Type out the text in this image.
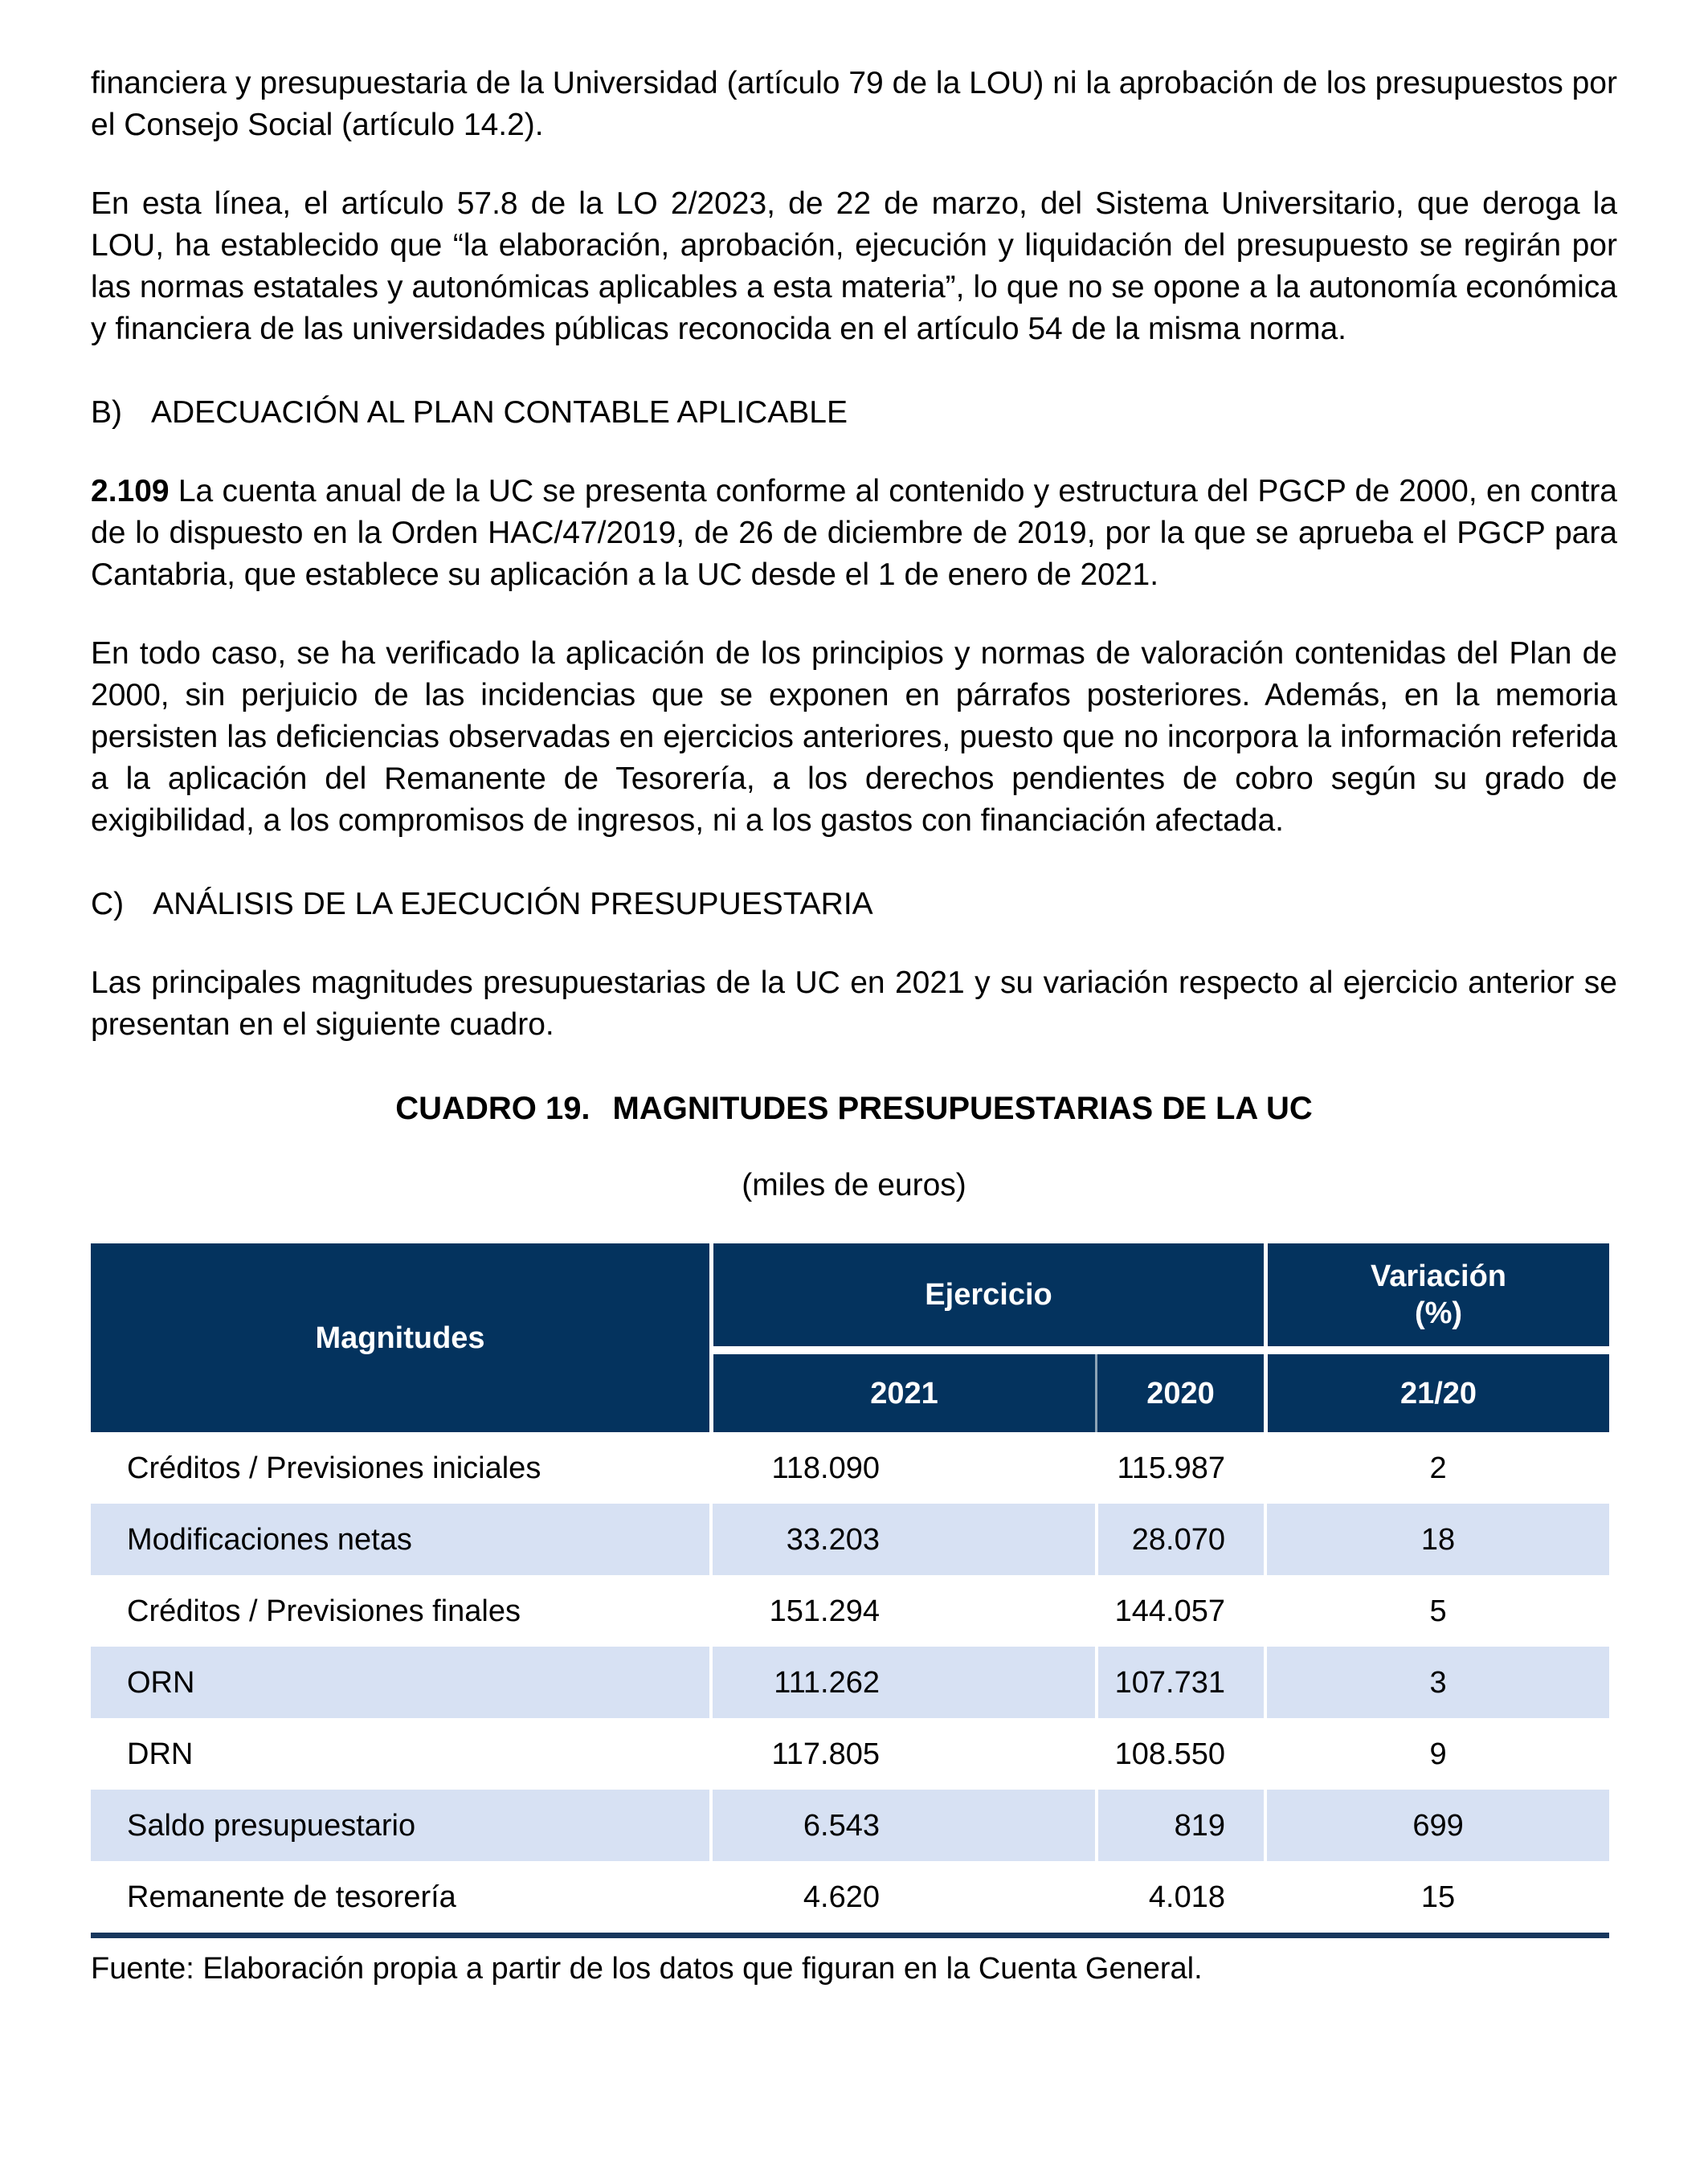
financiera y presupuestaria de la Universidad (artículo 79 de la LOU) ni la aprobación de los presupuestos por el Consejo Social (artículo 14.2).

En esta línea, el artículo 57.8 de la LO 2/2023, de 22 de marzo, del Sistema Universitario, que deroga la LOU, ha establecido que “la elaboración, aprobación, ejecución y liquidación del presupuesto se regirán por las normas estatales y autonómicas aplicables a esta materia”, lo que no se opone a la autonomía económica y financiera de las universidades públicas reconocida en el artículo 54 de la misma norma.

B) ADECUACIÓN AL PLAN CONTABLE APLICABLE

2.109 La cuenta anual de la UC se presenta conforme al contenido y estructura del PGCP de 2000, en contra de lo dispuesto en la Orden HAC/47/2019, de 26 de diciembre de 2019, por la que se aprueba el PGCP para Cantabria, que establece su aplicación a la UC desde el 1 de enero de 2021.

En todo caso, se ha verificado la aplicación de los principios y normas de valoración contenidas del Plan de 2000, sin perjuicio de las incidencias que se exponen en párrafos posteriores. Además, en la memoria persisten las deficiencias observadas en ejercicios anteriores, puesto que no incorpora la información referida a la aplicación del Remanente de Tesorería, a los derechos pendientes de cobro según su grado de exigibilidad, a los compromisos de ingresos, ni a los gastos con financiación afectada.

C) ANÁLISIS DE LA EJECUCIÓN PRESUPUESTARIA

Las principales magnitudes presupuestarias de la UC en 2021 y su variación respecto al ejercicio anterior se presentan en el siguiente cuadro.

CUADRO 19. MAGNITUDES PRESUPUESTARIAS DE LA UC

(miles de euros)

Magnitudes	Ejercicio		Variación
(%)

	2021	2020	21/20
Créditos / Previsiones iniciales	118.090	115.987	2
Modificaciones netas	33.203	28.070	18
Créditos / Previsiones finales	151.294	144.057	5
ORN	111.262	107.731	3
DRN	117.805	108.550	9
Saldo presupuestario	6.543	819	699
Remanente de tesorería	4.620	4.018	15

Fuente: Elaboración propia a partir de los datos que figuran en la Cuenta General.
